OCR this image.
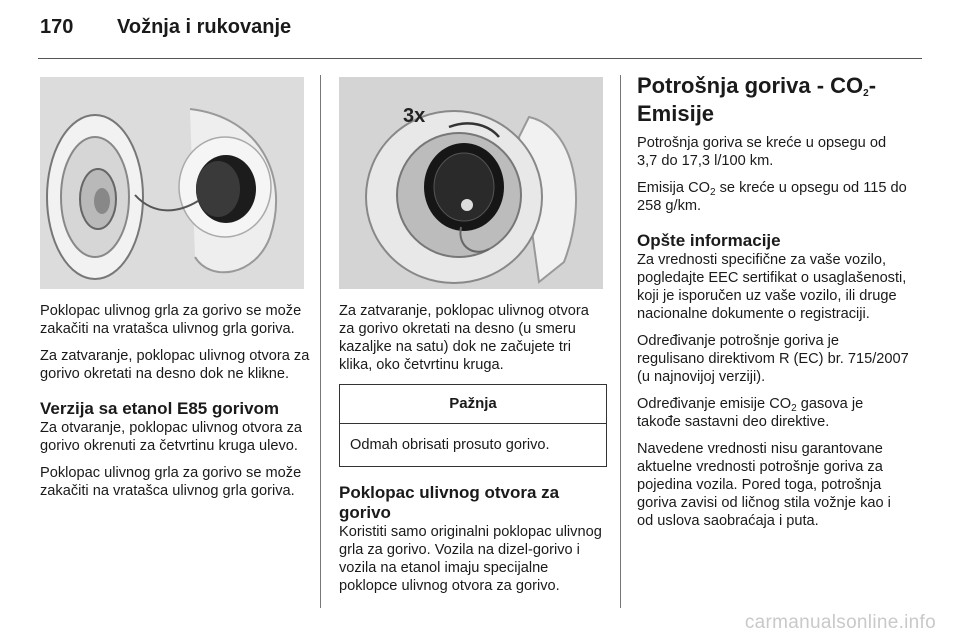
170 Vožnja i rukovanje

Poklopac ulivnog grla za gorivo se može zakačiti na vratašca ulivnog grla goriva.

Za zatvaranje, poklopac ulivnog otvora za gorivo okretati na desno dok ne klikne.

Verzija sa etanol E85 gorivom

Za otvaranje, poklopac ulivnog otvora za gorivo okrenuti za četvrtinu kruga ulevo.

Poklopac ulivnog grla za gorivo se može zakačiti na vratašca ulivnog grla goriva.

3x

Za zatvaranje, poklopac ulivnog otvora za gorivo okretati na desno (u smeru kazaljke na satu) dok ne začujete tri klika, oko četvrtinu kruga.

Pažnja
Odmah obrisati prosuto gorivo.
Poklopac ulivnog otvora za gorivo

Koristiti samo originalni poklopac ulivnog grla za gorivo. Vozila na dizel-gorivo i vozila na etanol imaju specijalne poklopce ulivnog otvora za gorivo.

Potrošnja goriva - $CO_2-$
Emisije

Potrošnja goriva se kreće u opsegu od 3,7 do 17,3 l/100 km.

Emisija $CO_2$ se kreće u opsegu od 115 do 258 g/km.

Opšte informacije

Za vrednosti specifične za vaše vozilo, pogledajte EEC sertifikat o usaglašenosti, koji je isporučen uz vaše vozilo, ili druge nacionalne dokumente o registraciji.

Određivanje potrošnje goriva je regulisano direktivom R (EC) br. 715/2007 (u najnovijoj verziji).

Određivanje emisije $CO_2$ gasova je takođe sastavni deo direktive.

Navedene vrednosti nisu garantovane aktuelne vrednosti potrošnje goriva za pojedina vozila. Pored toga, potrošnja goriva zavisi od ličnog stila vožnje kao i od uslova saobraćaja i puta.

carmanualsonline.info
